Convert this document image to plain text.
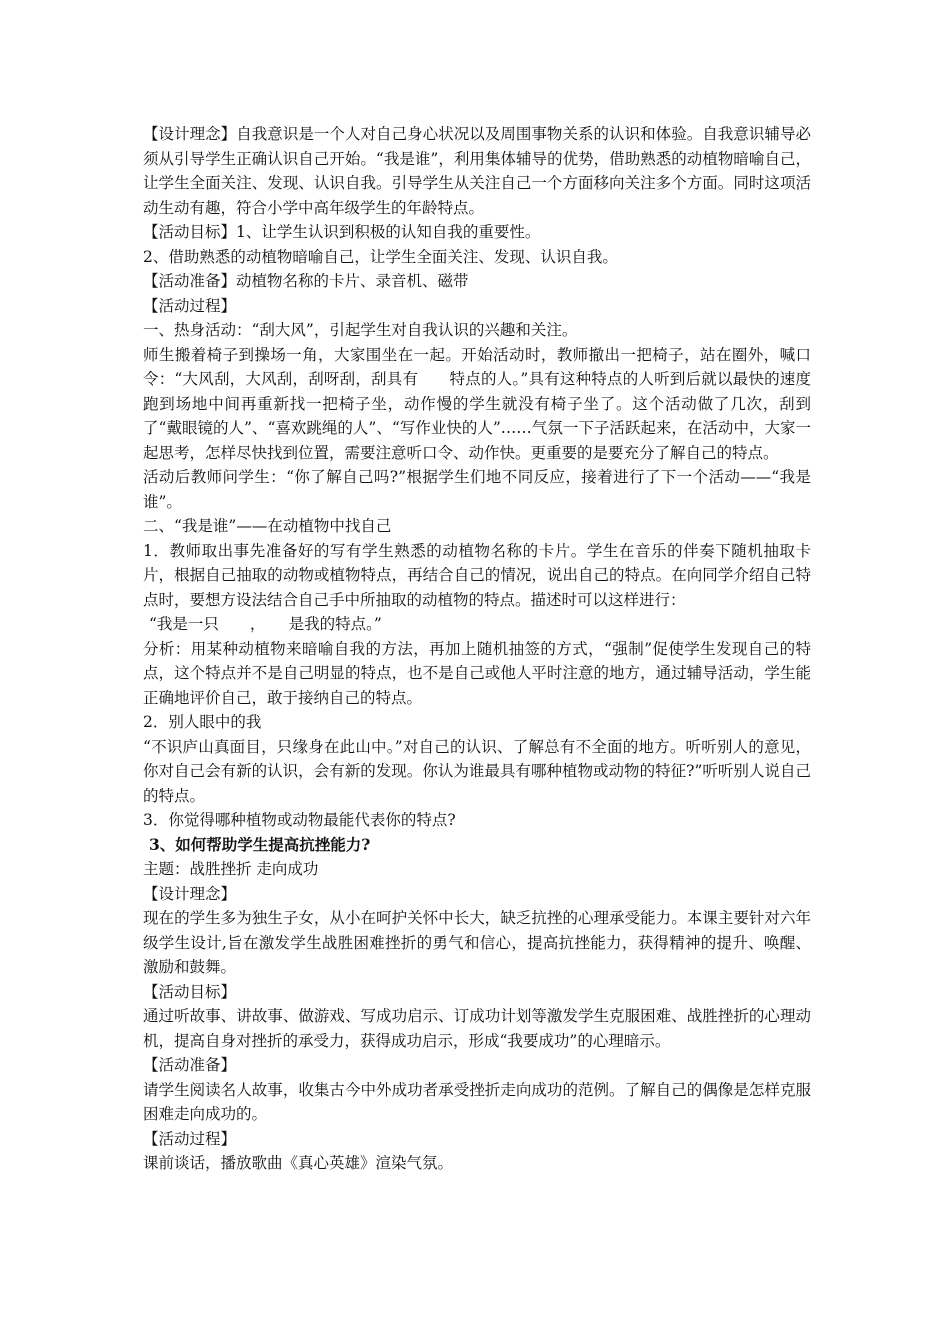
【设计理念】自我意识是一个人对自己身心状况以及周围事物关系的认识和体验。自我意识辅导必须从引导学生正确认识自己开始。“我是谁”，利用集体辅导的优势，借助熟悉的动植物暗喻自己，让学生全面关注、发现、认识自我。引导学生从关注自己一个方面移向关注多个方面。同时这项活动生动有趣，符合小学中高年级学生的年龄特点。

【活动目标】1、让学生认识到积极的认知自我的重要性。

2、借助熟悉的动植物暗喻自己，让学生全面关注、发现、认识自我。

【活动准备】动植物名称的卡片、录音机、磁带

【活动过程】

一、热身活动：“刮大风”，引起学生对自我认识的兴趣和关注。

师生搬着椅子到操场一角，大家围坐在一起。开始活动时，教师撤出一把椅子，站在圈外，喊口令：“大风刮，大风刮，刮呀刮，刮具有　　特点的人。”具有这种特点的人听到后就以最快的速度跑到场地中间再重新找一把椅子坐，动作慢的学生就没有椅子坐了。这个活动做了几次，刮到了“戴眼镜的人”、“喜欢跳绳的人”、“写作业快的人”……气氛一下子活跃起来，在活动中，大家一起思考，怎样尽快找到位置，需要注意听口令、动作快。更重要的是要充分了解自己的特点。

活动后教师问学生：“你了解自己吗?”根据学生们地不同反应，接着进行了下一个活动——“我是谁”。

二、“我是谁”——在动植物中找自己

1．教师取出事先准备好的写有学生熟悉的动植物名称的卡片。学生在音乐的伴奏下随机抽取卡片，根据自己抽取的动物或植物特点，再结合自己的情况，说出自己的特点。在向同学介绍自己特点时，要想方设法结合自己手中所抽取的动植物的特点。描述时可以这样进行：

“我是一只　　，　　是我的特点。”

分析：用某种动植物来暗喻自我的方法，再加上随机抽签的方式，“强制”促使学生发现自己的特点，这个特点并不是自己明显的特点，也不是自己或他人平时注意的地方，通过辅导活动，学生能正确地评价自己，敢于接纳自己的特点。

2．别人眼中的我

“不识庐山真面目，只缘身在此山中。”对自己的认识、了解总有不全面的地方。听听别人的意见，你对自己会有新的认识，会有新的发现。你认为谁最具有哪种植物或动物的特征?”听听别人说自己的特点。

3．你觉得哪种植物或动物最能代表你的特点?

3、如何帮助学生提高抗挫能力?

主题：战胜挫折 走向成功

【设计理念】

现在的学生多为独生子女，从小在呵护关怀中长大，缺乏抗挫的心理承受能力。本课主要针对六年级学生设计,旨在激发学生战胜困难挫折的勇气和信心，提高抗挫能力，获得精神的提升、唤醒、激励和鼓舞。

【活动目标】

通过听故事、讲故事、做游戏、写成功启示、订成功计划等激发学生克服困难、战胜挫折的心理动机，提高自身对挫折的承受力，获得成功启示，形成“我要成功”的心理暗示。

【活动准备】

请学生阅读名人故事，收集古今中外成功者承受挫折走向成功的范例。了解自己的偶像是怎样克服困难走向成功的。

【活动过程】

课前谈话，播放歌曲《真心英雄》渲染气氛。
